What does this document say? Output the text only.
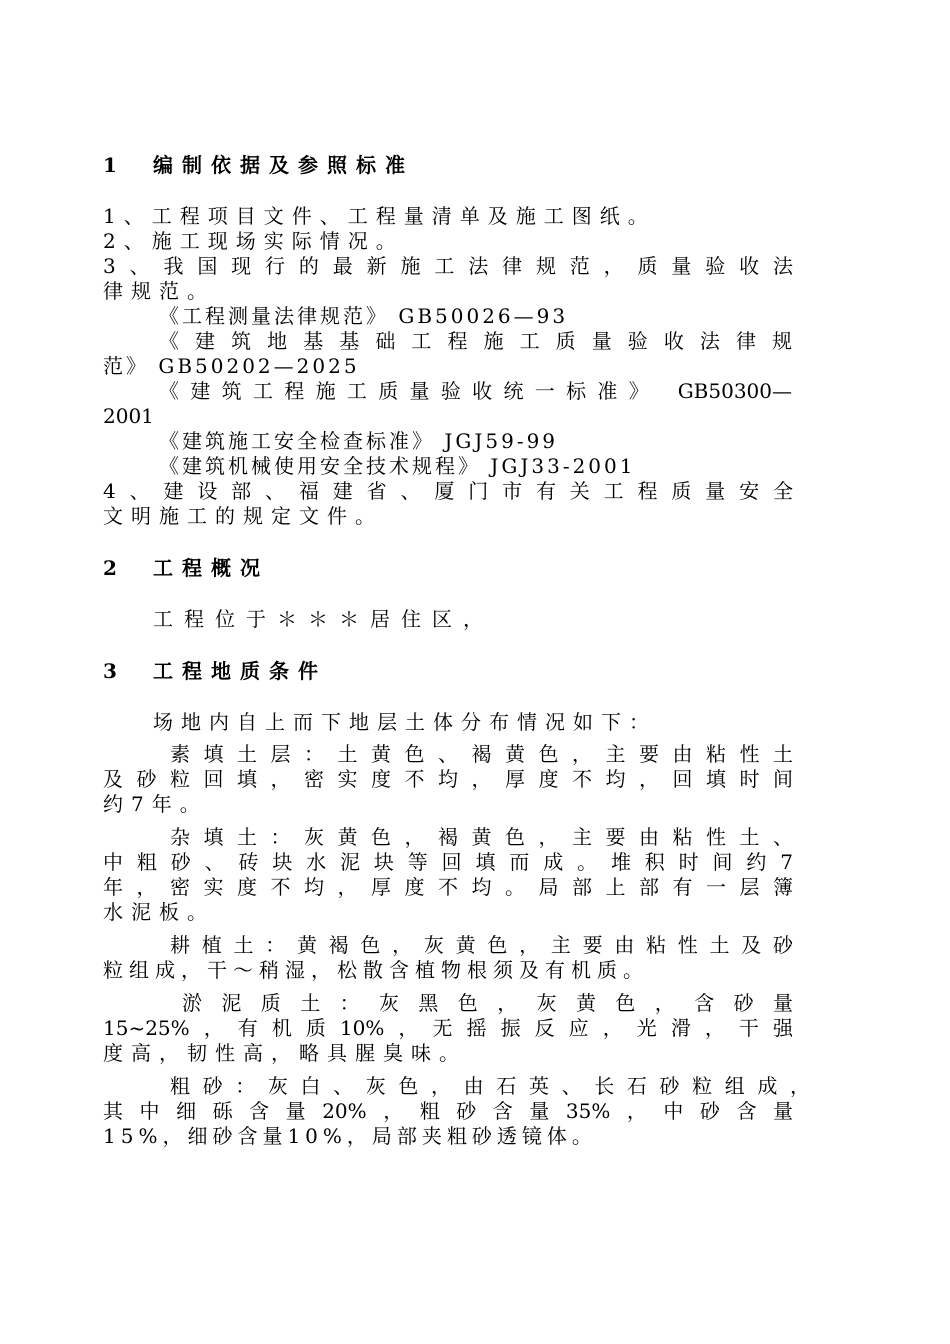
1 编制依据及参照标准
1、工程项目文件、工程量清单及施工图纸。
2、施工现场实际情况。
3、我国现行的最新施工法律规范，质量验收法
律规范。
《工程测量法律规范》 GB50026—93
《建筑地基基础工程施工质量验收法律规
范》 GB50202—2025
《建筑工程施工质量验收统一标准》 GB50300—
2001
《建筑施工安全检查标准》 JGJ59-99
《建筑机械使用安全技术规程》 JGJ33-2001
4、建设部、福建省、厦门市有关工程质量安全
文明施工的规定文件。
2 工程概况
工程位于＊＊＊居住区，
3 工程地质条件
场地内自上而下地层土体分布情况如下：
素填土层：土黄色、褐黄色，主要由粘性土
及砂粒回填，密实度不均，厚度不均，回填时间
约7年。
杂填土：灰黄色，褐黄色，主要由粘性土、
中粗砂、砖块水泥块等回填而成。堆积时间约7
年，密实度不均，厚度不均。局部上部有一层簿
水泥板。
耕植土：黄褐色，灰黄色，主要由粘性土及砂
粒组成，干～稍湿，松散含植物根须及有机质。
淤泥质土：灰黑色，灰黄色，含砂量
15~25%，有机质10%，无摇振反应，光滑，干强
度高，韧性高，略具腥臭味。
粗砂：灰白、灰色，由石英、长石砂粒组成，
其中细砾含量20%，粗砂含量35%，中砂含量
15%，细砂含量10%，局部夹粗砂透镜体。
